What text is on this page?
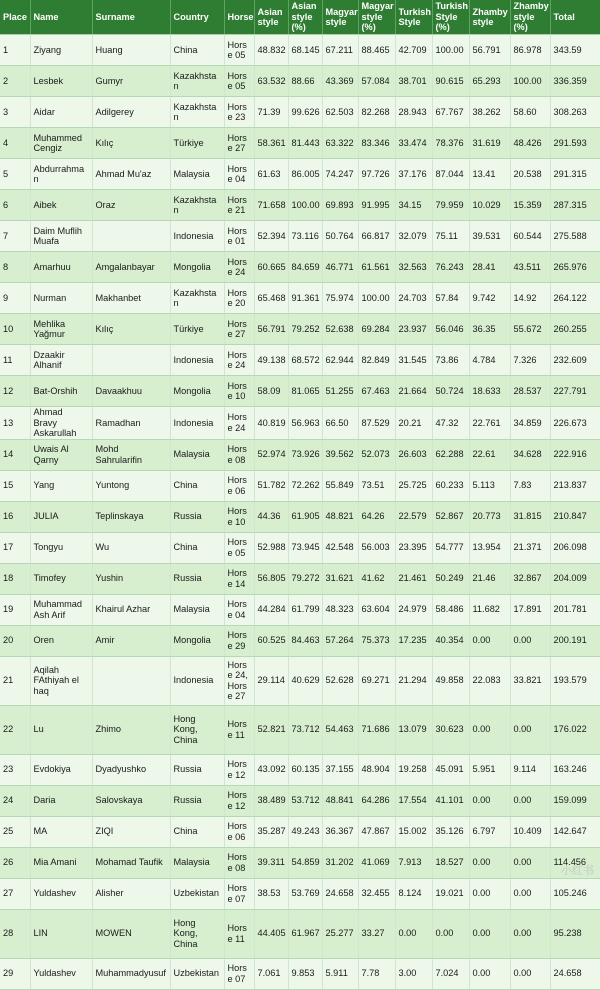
Place	Name	Surname	Country	Horse	Asian style	Asian style (%)	Magyar style	Magyar style (%)	Turkish Style	Turkish Style (%)	Zhamby style	Zhamby style (%)	Total
1	Ziyang	Huang	China	Horse 05	48.832	68.145	67.211	88.465	42.709	100.00	56.791	86.978	343.59
2	Lesbek	Gumyr	Kazakhstan	Horse 05	63.532	88.66	43.369	57.084	38.701	90.615	65.293	100.00	336.359
3	Aidar	Adilgerey	Kazakhstan	Horse 23	71.39	99.626	62.503	82.268	28.943	67.767	38.262	58.60	308.263
4	Muhammed Cengiz	Kılıç	Türkiye	Horse 27	58.361	81.443	63.322	83.346	33.474	78.376	31.619	48.426	291.593
5	Abdurrahman	Ahmad Mu'az	Malaysia	Horse 04	61.63	86.005	74.247	97.726	37.176	87.044	13.41	20.538	291.315
6	Aibek	Oraz	Kazakhstan	Horse 21	71.658	100.00	69.893	91.995	34.15	79.959	10.029	15.359	287.315
7	Daim Muflih Muafa		Indonesia	Horse 01	52.394	73.116	50.764	66.817	32.079	75.11	39.531	60.544	275.588
8	Amarhuu	Amgalanbayar	Mongolia	Horse 24	60.665	84.659	46.771	61.561	32.563	76.243	28.41	43.511	265.976
9	Nurman	Makhanbet	Kazakhstan	Horse 20	65.468	91.361	75.974	100.00	24.703	57.84	9.742	14.92	264.122
10	Mehlika Yağmur	Kılıç	Türkiye	Horse 27	56.791	79.252	52.638	69.284	23.937	56.046	36.35	55.672	260.255
11	Dzaakir Alhanif		Indonesia	Horse 24	49.138	68.572	62.944	82.849	31.545	73.86	4.784	7.326	232.609
12	Bat-Orshih	Davaakhuu	Mongolia	Horse 10	58.09	81.065	51.255	67.463	21.664	50.724	18.633	28.537	227.791
13	Ahmad Bravy Askarullah	Ramadhan	Indonesia	Horse 24	40.819	56.963	66.50	87.529	20.21	47.32	22.761	34.859	226.673
14	Uwais Al Qarny	Mohd Sahrularifin	Malaysia	Horse 08	52.974	73.926	39.562	52.073	26.603	62.288	22.61	34.628	222.916
15	Yang	Yuntong	China	Horse 06	51.782	72.262	55.849	73.51	25.725	60.233	5.113	7.83	213.837
16	JULIA	Teplinskaya	Russia	Horse 10	44.36	61.905	48.821	64.26	22.579	52.867	20.773	31.815	210.847
17	Tongyu	Wu	China	Horse 05	52.988	73.945	42.548	56.003	23.395	54.777	13.954	21.371	206.098
18	Timofey	Yushin	Russia	Horse 14	56.805	79.272	31.621	41.62	21.461	50.249	21.46	32.867	204.009
19	Muhammad Ash Arif	Khairul Azhar	Malaysia	Horse 04	44.284	61.799	48.323	63.604	24.979	58.486	11.682	17.891	201.781
20	Oren	Amir	Mongolia	Horse 29	60.525	84.463	57.264	75.373	17.235	40.354	0.00	0.00	200.191
21	Aqilah FAthiyah el haq		Indonesia	Horse 24, Horse 27	29.114	40.629	52.628	69.271	21.294	49.858	22.083	33.821	193.579
22	Lu	Zhimo	Hong Kong, China	Horse 11	52.821	73.712	54.463	71.686	13.079	30.623	0.00	0.00	176.022
23	Evdokiya	Dyadyushko	Russia	Horse 12	43.092	60.135	37.155	48.904	19.258	45.091	5.951	9.114	163.246
24	Daria	Salovskaya	Russia	Horse 12	38.489	53.712	48.841	64.286	17.554	41.101	0.00	0.00	159.099
25	MA	ZIQI	China	Horse 06	35.287	49.243	36.367	47.867	15.002	35.126	6.797	10.409	142.647
26	Mia Amani	Mohamad Taufik	Malaysia	Horse 08	39.311	54.859	31.202	41.069	7.913	18.527	0.00	0.00	114.456
27	Yuldashev	Alisher	Uzbekistan	Horse 07	38.53	53.769	24.658	32.455	8.124	19.021	0.00	0.00	105.246
28	LIN	MOWEN	Hong Kong, China	Horse 11	44.405	61.967	25.277	33.27	0.00	0.00	0.00	0.00	95.238
29	Yuldashev	Muhammadyusuf	Uzbekistan	Horse 07	7.061	9.853	5.911	7.78	3.00	7.024	0.00	0.00	24.658
小红书
